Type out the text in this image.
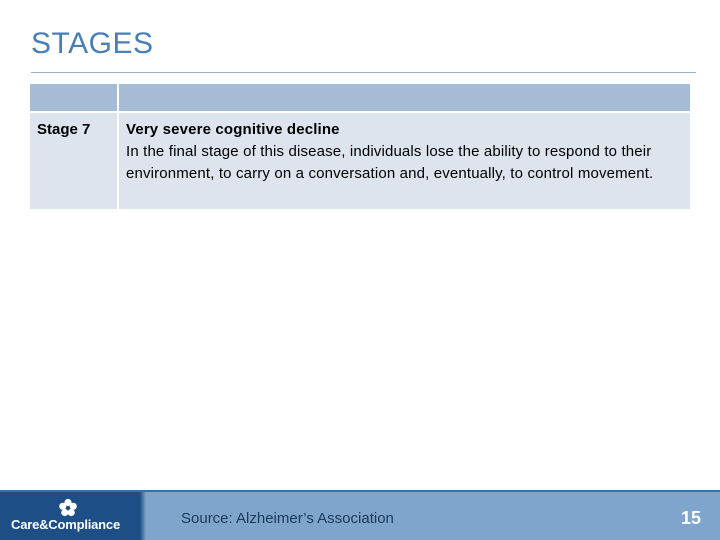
STAGES

Stage 7	Very severe cognitive decline
In the final stage of this disease, individuals lose the ability to respond to their environment, to carry on a conversation and, eventually, to control movement.
Care&Compliance	Source: Alzheimer’s Association	15
